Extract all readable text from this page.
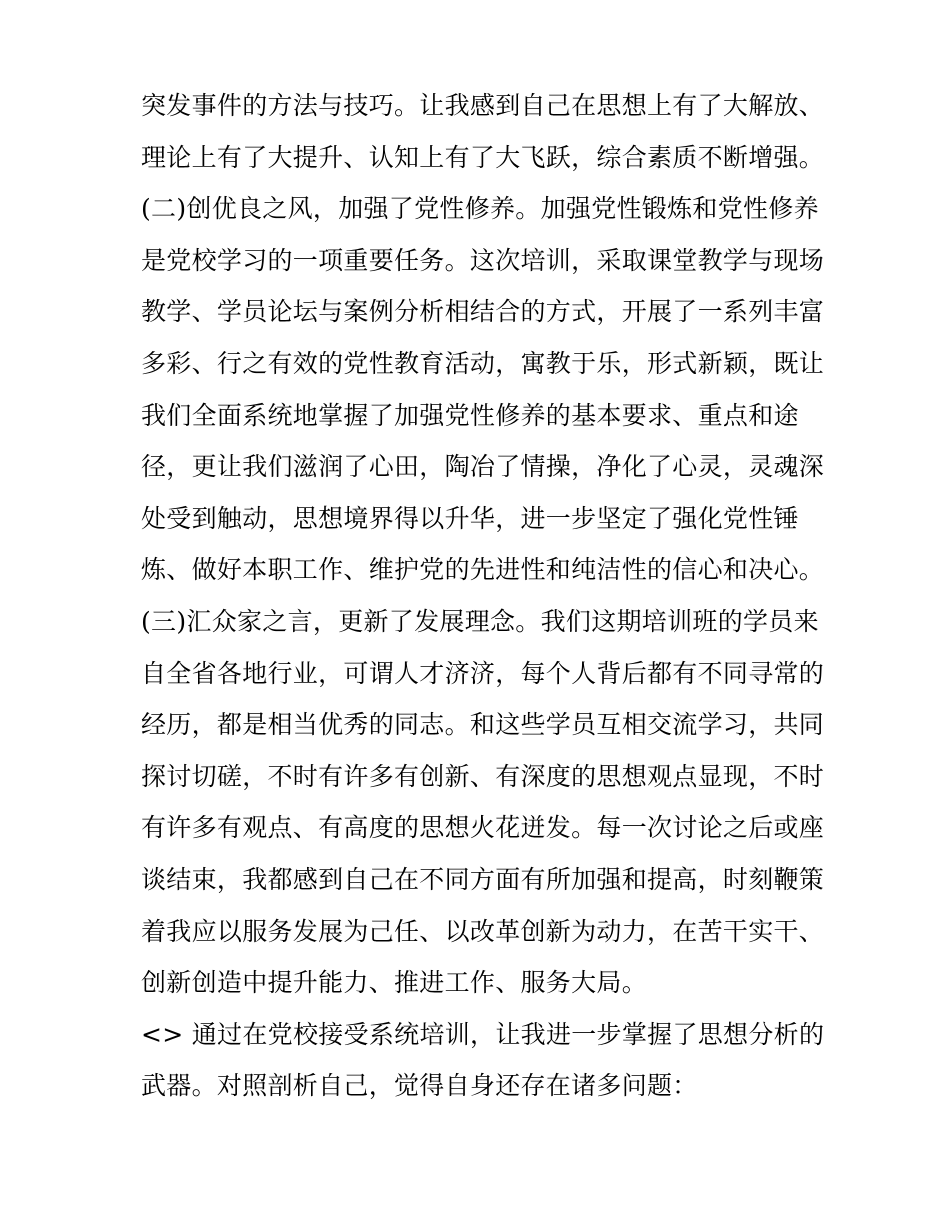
突发事件的方法与技巧。让我感到自己在思想上有了大解放、
理论上有了大提升、认知上有了大飞跃，综合素质不断增强。
(二)创优良之风，加强了党性修养。加强党性锻炼和党性修养
是党校学习的一项重要任务。这次培训，采取课堂教学与现场
教学、学员论坛与案例分析相结合的方式，开展了一系列丰富
多彩、行之有效的党性教育活动，寓教于乐，形式新颖，既让
我们全面系统地掌握了加强党性修养的基本要求、重点和途
径，更让我们滋润了心田，陶冶了情操，净化了心灵，灵魂深
处受到触动，思想境界得以升华，进一步坚定了强化党性锤
炼、做好本职工作、维护党的先进性和纯洁性的信心和决心。
(三)汇众家之言，更新了发展理念。我们这期培训班的学员来
自全省各地行业，可谓人才济济，每个人背后都有不同寻常的
经历，都是相当优秀的同志。和这些学员互相交流学习，共同
探讨切磋，不时有许多有创新、有深度的思想观点显现，不时
有许多有观点、有高度的思想火花迸发。每一次讨论之后或座
谈结束，我都感到自己在不同方面有所加强和提高，时刻鞭策
着我应以服务发展为己任、以改革创新为动力，在苦干实干、
创新创造中提升能力、推进工作、服务大局。
<> 通过在党校接受系统培训，让我进一步掌握了思想分析的
武器。对照剖析自己，觉得自身还存在诸多问题：
